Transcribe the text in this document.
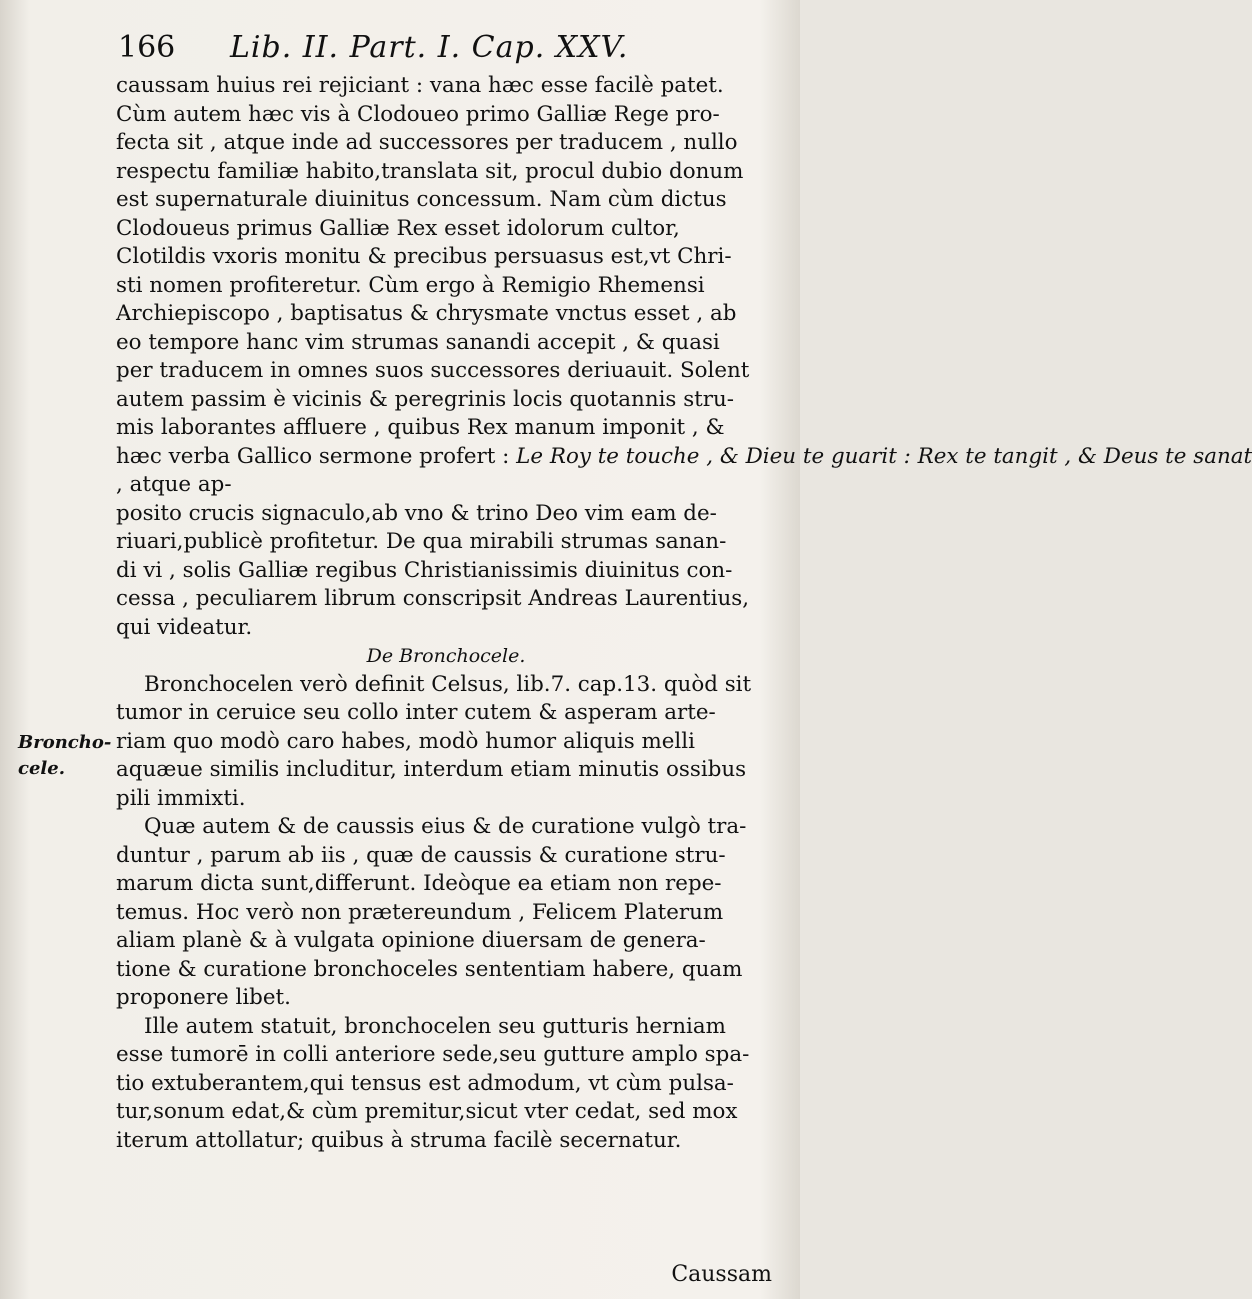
166 Lib. II. Part. I. Cap. XXV.
Broncho-
cele.

caussam huius rei rejiciant : vana hæc esse facilè patet.
Cùm autem hæc vis à Clodoueo primo Galliæ Rege pro-
fecta sit , atque inde ad successores per traducem , nullo
respectu familiæ habito,translata sit, procul dubio donum
est supernaturale diuinitus concessum. Nam cùm dictus
Clodoueus primus Galliæ Rex esset idolorum cultor,
Clotildis vxoris monitu & precibus persuasus est,vt Chri-
sti nomen profiteretur. Cùm ergo à Remigio Rhemensi
Archiepiscopo , baptisatus & chrysmate vnctus esset , ab
eo tempore hanc vim strumas sanandi accepit , & quasi
per traducem in omnes suos successores deriuauit. Solent
autem passim è vicinis & peregrinis locis quotannis stru-
mis laborantes affluere , quibus Rex manum imponit , &
hæc verba Gallico sermone profert : Le Roy te touche , & Dieu te guarit : Rex te tangit , & Deus te sanat
, atque ap-
posito crucis signaculo,ab vno & trino Deo vim eam de-
riuari,publicè profitetur. De qua mirabili strumas sanan-
di vi , solis Galliæ regibus Christianissimis diuinitus con-
cessa , peculiarem librum conscripsit Andreas Laurentius,
qui videatur.

De Bronchocele.

Bronchocelen verò definit Celsus, lib.7. cap.13. quòd sit
tumor in ceruice seu collo inter cutem & asperam arte-
riam quo modò caro habes, modò humor aliquis melli
aquæue similis includitur, interdum etiam minutis ossibus
pili immixti.

Quæ autem & de caussis eius & de curatione vulgò tra-
duntur , parum ab iis , quæ de caussis & curatione stru-
marum dicta sunt,differunt. Ideòque ea etiam non repe-
temus. Hoc verò non prætereundum , Felicem Platerum
aliam planè & à vulgata opinione diuersam de genera-
tione & curatione bronchoceles sententiam habere, quam
proponere libet.

Ille autem statuit, bronchocelen seu gutturis herniam
esse tumorē in colli anteriore sede,seu gutture amplo spa-
tio extuberantem,qui tensus est admodum, vt cùm pulsa-
tur,sonum edat,& cùm premitur,sicut vter cedat, sed mox
iterum attollatur; quibus à struma facilè secernatur.

Caussam
